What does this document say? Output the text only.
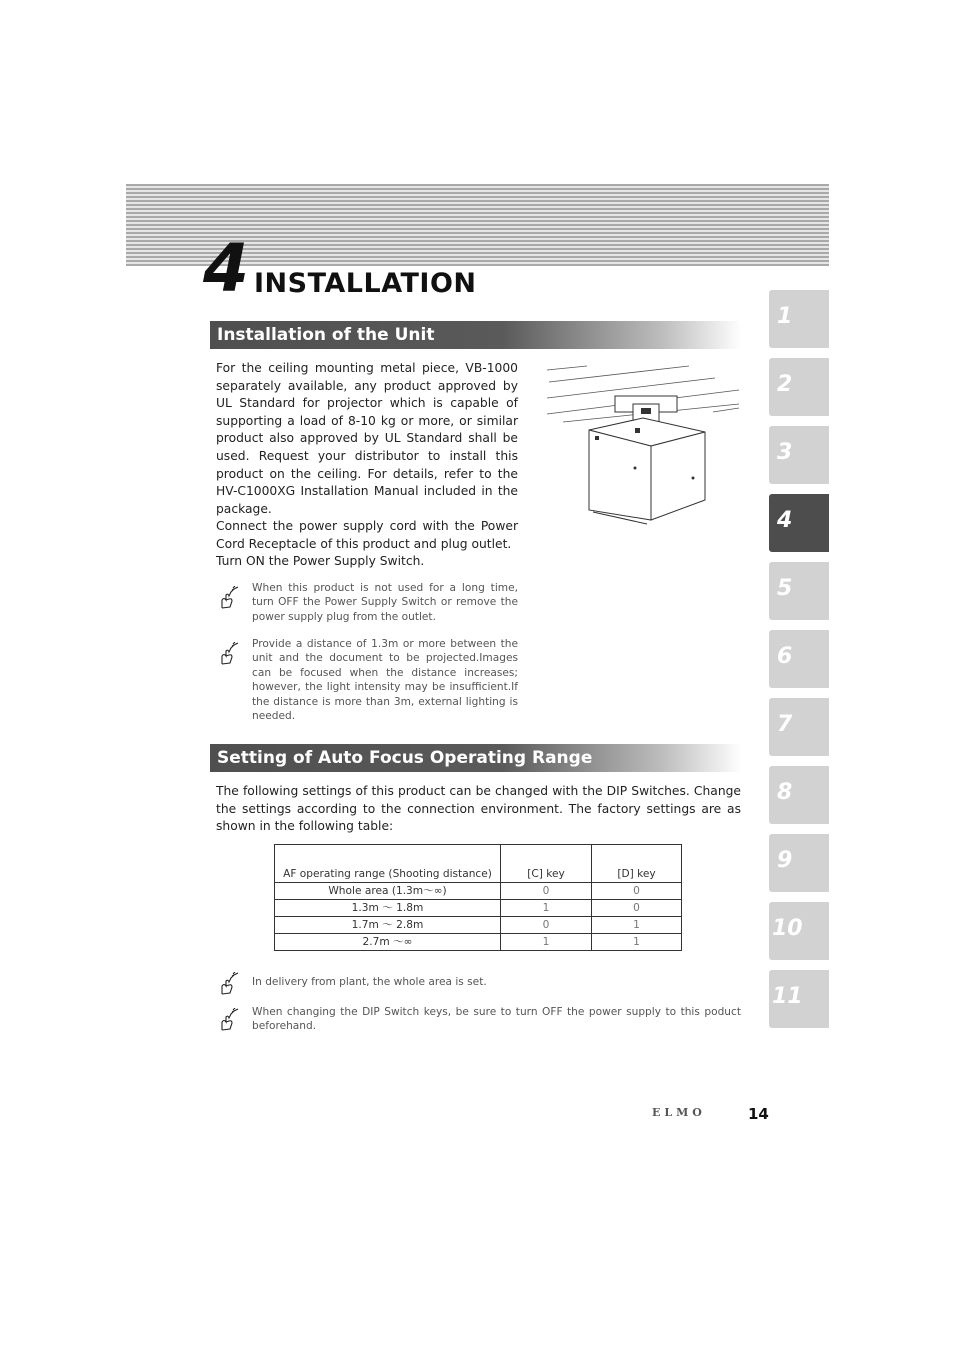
4 INSTALLATION
Installation of the Unit

For the ceiling mounting metal piece, VB-1000 separately available, any product approved by UL Standard for projector which is capable of supporting a load of 8-10 kg or more, or similar product also approved by UL Standard shall be used. Request your distributor to install this product on the ceiling. For details, refer to the HV-C1000XG Installation Manual included in the package.

Connect the power supply cord with the Power Cord Receptacle of this product and plug outlet.
Turn ON the Power Supply Switch.

When this product is not used for a long time, turn OFF the Power Supply Switch or remove the power supply plug from the outlet.

Provide a distance of 1.3m or more between the unit and the document to be projected.Images can be focused when the distance increases; however, the light intensity may be insufficient.If the distance is more than 3m, external lighting is needed.

Setting of Auto Focus Operating Range

The following settings of this product can be changed with the DIP Switches. Change the settings according to the connection environment. The factory settings are as shown in the following table:

AF operating range (Shooting distance)	[C] key	[D] key
Whole area (1.3m～∞)	0	0
1.3m ～ 1.8m	1	0
1.7m ～ 2.8m	0	1
2.7m ～∞	1	1

In delivery from plant, the whole area is set.

When changing the DIP Switch keys, be sure to turn OFF the power supply to this poduct beforehand.

1
2
3
4
5
6
7
8
9
10
11
ELMO	14
